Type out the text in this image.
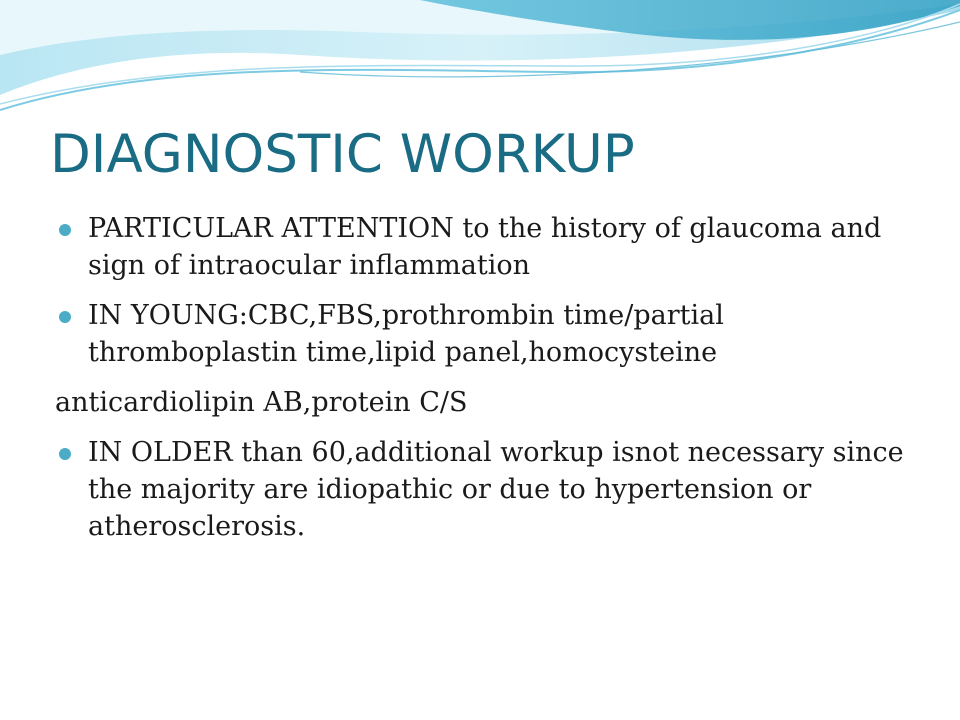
DIAGNOSTIC WORKUP
PARTICULAR ATTENTION to the history of glaucoma and sign of intraocular inflammation
IN YOUNG:CBC,FBS,prothrombin time/partial thromboplastin time,lipid panel,homocysteine
anticardiolipin AB,protein C/S
IN OLDER than 60,additional workup isnot necessary since the majority are idiopathic or due to hypertension or atherosclerosis.
